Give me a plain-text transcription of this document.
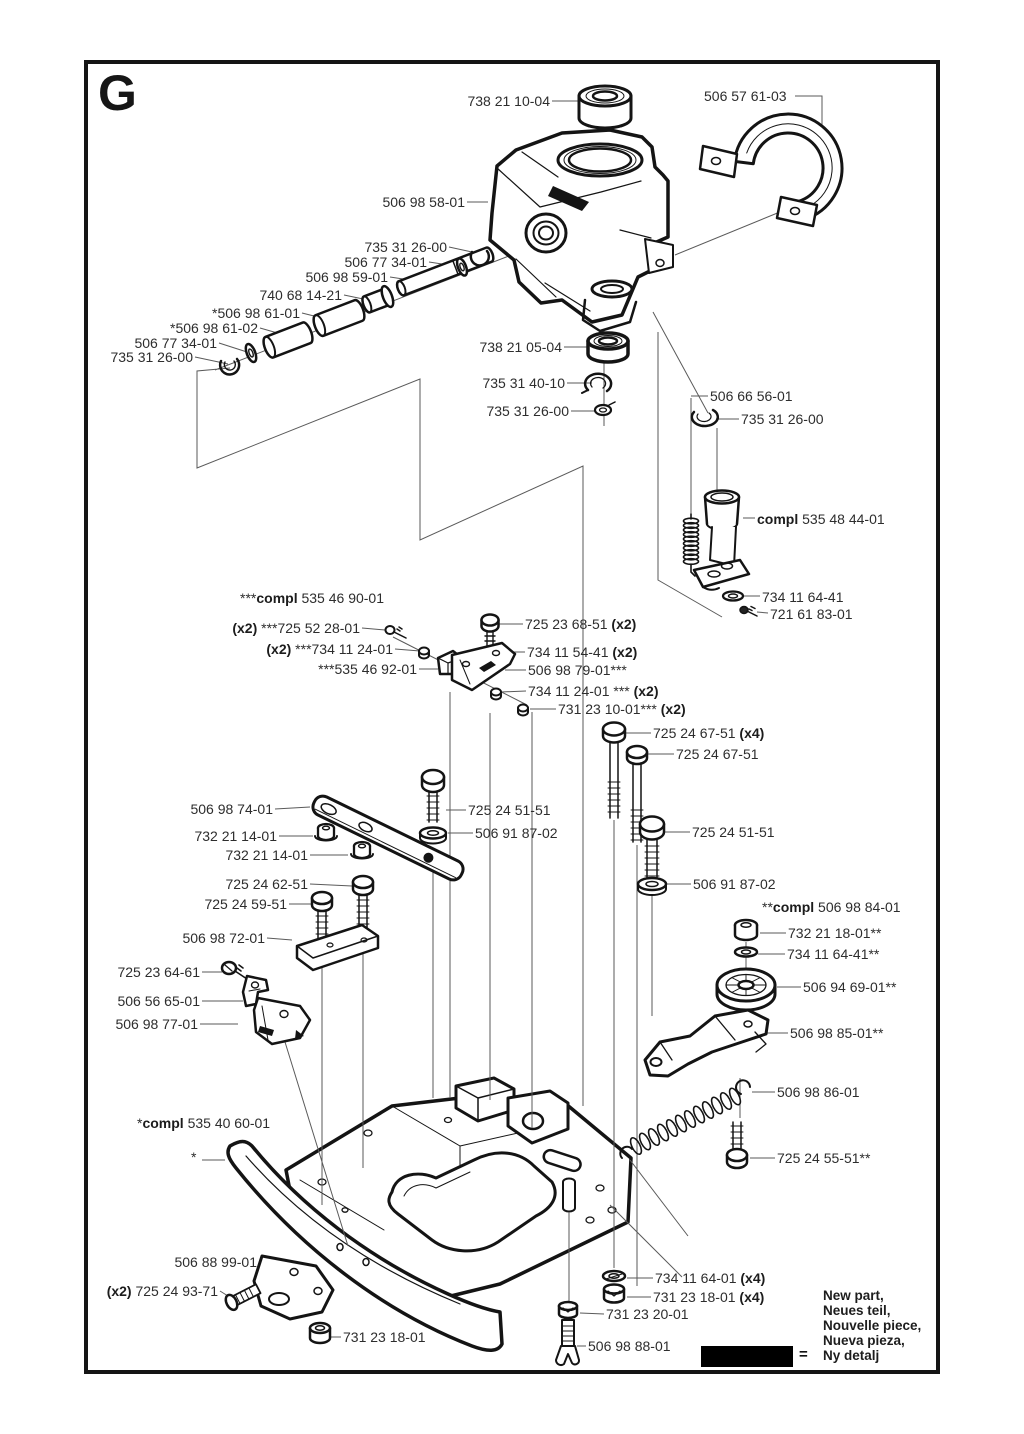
G	738 21 10-04	506 57 61-03
506 98 58-01
735 31 26-00
506 77 34-01
506 98 59-01
740 68 14-21
*506 98 61-01
*506 98 61-02
506 77 34-01
735 31 26-00
738 21 05-04
735 31 40-10
735 31 26-00
506 66 56-01
735 31 26-00
compl 535 48 44-01
734 11 64-41
721 61 83-01
***compl 535 46 90-01
(x2) ***725 52 28-01
(x2) ***734 11 24-01
***535 46 92-01
725 23 68-51 (x2)
734 11 54-41 (x2)
506 98 79-01***
734 11 24-01 *** (x2)
731 23 10-01*** (x2)
725 24 67-51 (x4)
725 24 67-51
506 98 74-01
732 21 14-01
732 21 14-01
725 24 51-51
506 91 87-02	725 24 51-51
506 91 87-02
725 24 62-51
725 24 59-51
506 98 72-01
725 23 64-61
506 56 65-01
506 98 77-01
**compl 506 98 84-01
732 21 18-01**
734 11 64-41**
506 94 69-01**
506 98 85-01**
506 98 86-01
725 24 55-51**
*compl 535 40 60-01
*
506 88 99-01
(x2) 725 24 93-71
731 23 18-01
734 11 64-01 (x4)
731 23 18-01 (x4)
731 23 20-01
506 98 88-01	=
New part,
Neues teil,
Nouvelle piece,
Nueva pieza,
Ny detalj
